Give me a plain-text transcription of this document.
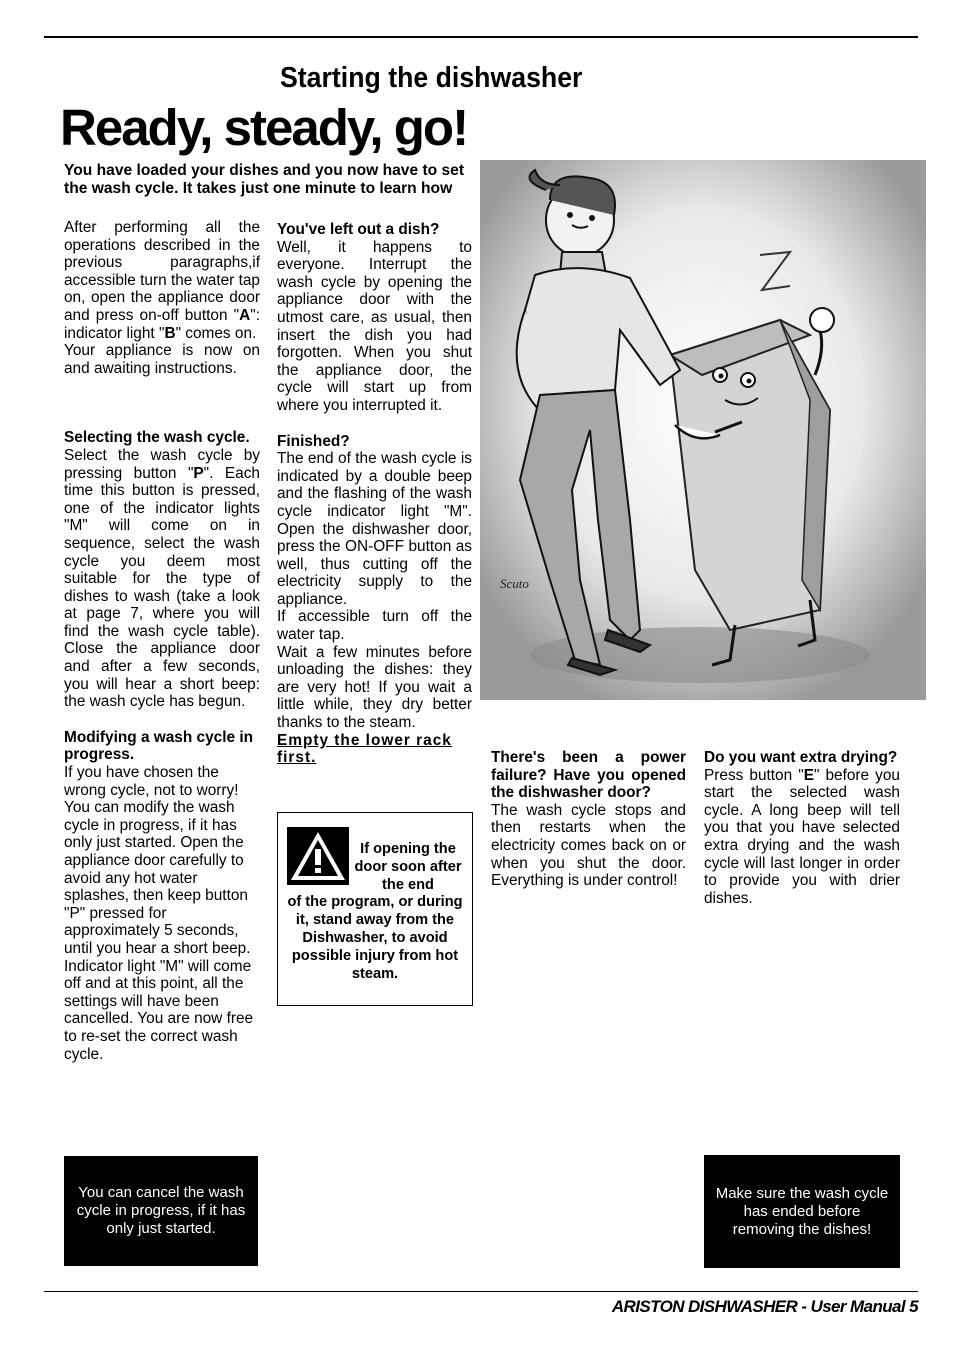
Starting the dishwasher
Ready, steady, go!
You have loaded your dishes and you now have to set the wash cycle. It takes just one minute to learn how

After performing all the operations described in the previous paragraphs,if accessible turn the water tap on, open the appliance door and press on-off button "A": indicator light "B" comes on.

Your appliance is now on and awaiting instructions.

Selecting the wash cycle.

Select the wash cycle by pressing button "P". Each time this button is pressed, one of the indicator lights "M" will come on in sequence, select the wash cycle you deem most suitable for the type of dishes to wash (take a look at page 7, where you will find the wash cycle table). Close the appliance door and after a few seconds, you will hear a short beep: the wash cycle has begun.

Modifying a wash cycle in progress.

If you have chosen the wrong cycle, not to worry! You can modify the wash cycle in progress, if it has only just started. Open the appliance door carefully to avoid any hot water splashes, then keep button "P" pressed for approximately 5 seconds, until you hear a short beep. Indicator light "M" will come off and at this point, all the settings will have been cancelled. You are now free to re-set the correct wash cycle.

You've left out a dish?

Well, it happens to everyone. Interrupt the wash cycle by opening the appliance door with the utmost care, as usual, then insert the dish you had forgotten. When you shut the appliance door, the cycle will start up from where you interrupted it.

Finished?

The end of the wash cycle is indicated by a double beep and the flashing of the wash cycle indicator light "M". Open the dishwasher door, press the ON-OFF button as well, thus cutting off the electricity supply to the appliance.

If accessible turn off the water tap.

Wait a few minutes before unloading the dishes: they are very hot! If you wait a little while, they dry better thanks to the steam.

Empty the lower rack first.

If opening the door soon after the end
of the program, or during it, stand away from the Dishwasher, to avoid possible injury from hot steam.

There's been a power failure? Have you opened the dishwasher door?

The wash cycle stops and then restarts when the electricity comes back on or when you shut the door. Everything is under control!

Do you want extra drying?

Press button "E" before you start the selected wash cycle. A long beep will tell you that you have selected extra drying and the wash cycle will last longer in order to provide you with drier dishes.

Scuto
You can cancel the wash cycle in progress, if it has only just started.
Make sure the wash cycle has ended before removing the dishes!
ARISTON DISHWASHER - User Manual 5
